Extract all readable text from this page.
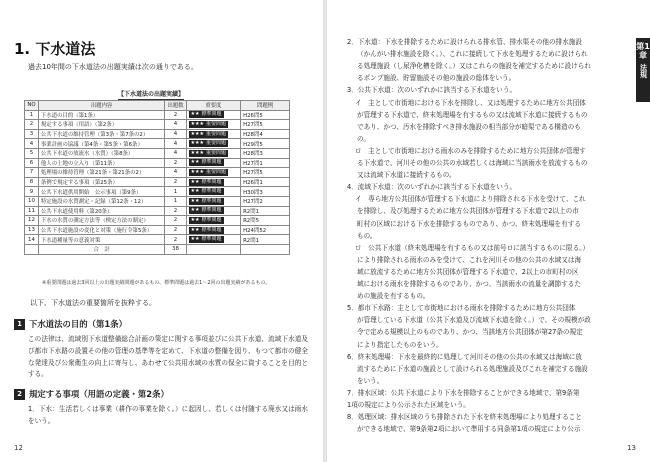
1. 下水道法
過去10年間の下水道法の出題実績は次の通りである。
【下水道法の出題実績】
NO	出題内容	出題数	重要度	問題例
1	下水道の目的（第1条）	2	★★ 標準問題	H26問5
2	規定する事項（用語）（第2条）	4	★★★ 重要問題	H27問5
3	公共下水道の維持管理（第3条・第7条の2）	4	★★★ 重要問題	H28問4
4	事業計画の協議（第4条・第5条・第6条）	4	★★★ 重要問題	H29問5
5	公共下水道の放流水（水質）（第8条）	4	★★★ 重要問題	H28問3
6	他人の土地の立入り（第11条）	2	★★ 標準問題	H27問1
7	処理場の維持管理（第21条・第21条の2）	4	★★★ 重要問題	H27問5
8	条例で規定する事項（第25条）	2	★★ 標準問題	H26問1
9	公共下水道供用開始　公示事項（第9条）	1	★★ 標準問題	H30問3
10	特定施設の水質測定・記録（第12条・12）	1	★★ 標準問題	H27問2
11	公共下水道使用料（第20条）	2	★★ 標準問題	R2問1
12	下水の水質の測定方法等（検定方法の制定）	2	★★ 標準問題	R2問5
13	公共下水道施設の変化と対策（施行令第5条）	2	★★ 標準問題	H24問52
14	下水道種量等の意義対策	2	★★ 標準問題	R2問1
	合　計	38		
※重要問題は過去3回以上の出題実績問題があるもの、標準問題は過去1～2回の出題実績があるもの。
以下、下水道法の重要箇所を抜粋する。
1 下水道法の目的（第1条）
この法律は、流域別下水道整備総合計画の策定に関する事項並びに公共下水道、流域下水道及び都市下水路の設置その他の管理の基準等を定めて、下水道の整備を図り、もつて都市の健全な発達及び公衆衛生の向上に寄与し、あわせて公共用水域の水質の保全に資することを目的とする。
2 規定する事項（用語の定義・第2条）
1．下水：生活若しくは事業（耕作の事業を除く。）に起因し、若しくは付随する廃水又は雨水をいう。
12
第1章
法規
2．下水道：下水を排除するために設けられる排水管、排水渠その他の排水施設
（かんがい排水施設を除く。）、これに接続して下水を処理するために設けられ
る処理施設（し尿浄化槽を除く。）又はこれらの施設を補完するために設けられ
るポンプ施設、貯留施設その他の施設の総体をいう。
3．公共下水道：次のいずれかに該当する下水道をいう。
イ　主として市街地における下水を排除し、又は処理するために地方公共団体
が管理する下水道で、終末処理場を有するもの又は流域下水道に接続するもの
であり、かつ、汚水を排除すべき排水施設の相当部分が暗渠である構造のも
の。
ロ　主として市街地における雨水のみを排除するために地方公共団体が管理す
る下水道で、河川その他の公共の水域若しくは海域に当該雨水を放流するもの
又は流域下水道に接続するもの。
4．流域下水道：次のいずれかに該当する下水道をいう。
イ　専ら地方公共団体が管理する下水道により排除される下水を受けて、これ
を排除し、及び処理するために地方公共団体が管理する下水道で2以上の市
町村の区域における下水を排除するものであり、かつ、終末処理場を有する
もの。
ロ　公共下水道（終末処理場を有するもの又は前号ロに該当するものに限る。）
により排除される雨水のみを受けて、これを河川その他の公共の水域又は海
域に放流するために地方公共団体が管理する下水道で、2以上の市町村の区
域における雨水を排除するものであり、かつ、当該雨水の流量を調節するた
めの施設を有するもの。
5．都市下水路：主として市街地における雨水を排除するために地方公共団体
が管理している下水道（公共下水道及び流域下水道を除く。）で、その規模が政
令で定める規模以上のものであり、かつ、当該地方公共団体が第27条の規定
により指定したものをいう。
6．終末処理場：下水を最終的に処理して河川その他の公共の水域又は海域に放
流するために下水道の施設として設けられる処理施設及びこれを補完する施設
をいう。
7．排水区域：公共下水道により下水を排除することができる地域で、第9条第
1項の規定により公示された区域をいう。
8．処理区域：排水区域のうち排除された下水を終末処理場により処理すること
ができる地域で、第9条第2項において準用する同条第1項の規定により公示
13
